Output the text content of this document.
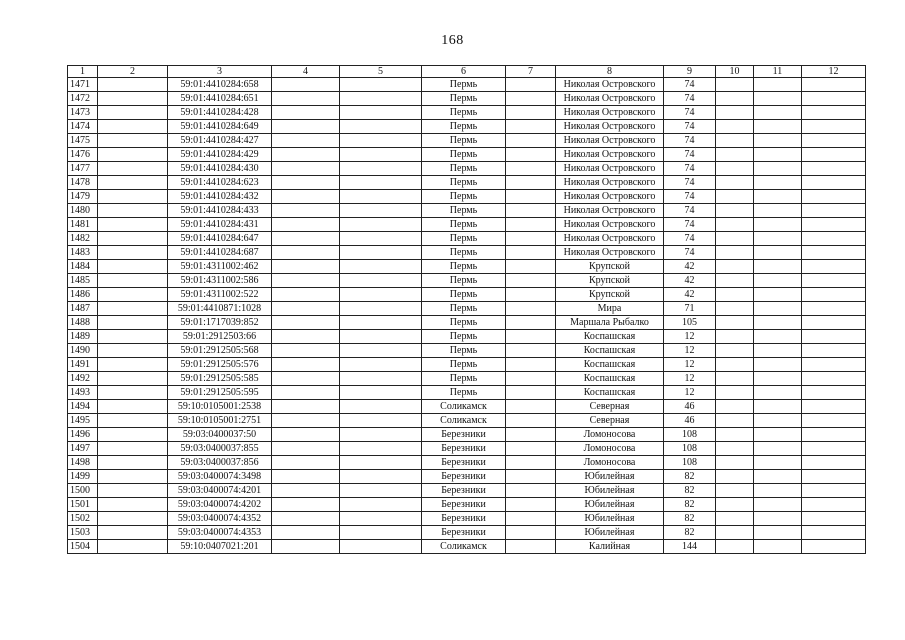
168
1	2	3	4	5	6	7	8	9	10	11	12
1471		59:01:4410284:658			Пермь		Николая Островского	74			
1472		59:01:4410284:651			Пермь		Николая Островского	74			
1473		59:01:4410284:428			Пермь		Николая Островского	74			
1474		59:01:4410284:649			Пермь		Николая Островского	74			
1475		59:01:4410284:427			Пермь		Николая Островского	74			
1476		59:01:4410284:429			Пермь		Николая Островского	74			
1477		59:01:4410284:430			Пермь		Николая Островского	74			
1478		59:01:4410284:623			Пермь		Николая Островского	74			
1479		59:01:4410284:432			Пермь		Николая Островского	74			
1480		59:01:4410284:433			Пермь		Николая Островского	74			
1481		59:01:4410284:431			Пермь		Николая Островского	74			
1482		59:01:4410284:647			Пермь		Николая Островского	74			
1483		59:01:4410284:687			Пермь		Николая Островского	74			
1484		59:01:4311002:462			Пермь		Крупской	42			
1485		59:01:4311002:586			Пермь		Крупской	42			
1486		59:01:4311002:522			Пермь		Крупской	42			
1487		59:01:4410871:1028			Пермь		Мира	71			
1488		59:01:1717039:852			Пермь		Маршала Рыбалко	105			
1489		59:01:2912503:66			Пермь		Коспашская	12			
1490		59:01:2912505:568			Пермь		Коспашская	12			
1491		59:01:2912505:576			Пермь		Коспашская	12			
1492		59:01:2912505:585			Пермь		Коспашская	12			
1493		59:01:2912505:595			Пермь		Коспашская	12			
1494		59:10:0105001:2538			Соликамск		Северная	46			
1495		59:10:0105001:2751			Соликамск		Северная	46			
1496		59:03:0400037:50			Березники		Ломоносова	108			
1497		59:03:0400037:855			Березники		Ломоносова	108			
1498		59:03:0400037:856			Березники		Ломоносова	108			
1499		59:03:0400074:3498			Березники		Юбилейная	82			
1500		59:03:0400074:4201			Березники		Юбилейная	82			
1501		59:03:0400074:4202			Березники		Юбилейная	82			
1502		59:03:0400074:4352			Березники		Юбилейная	82			
1503		59:03:0400074:4353			Березники		Юбилейная	82			
1504		59:10:0407021:201			Соликамск		Калийная	144			
